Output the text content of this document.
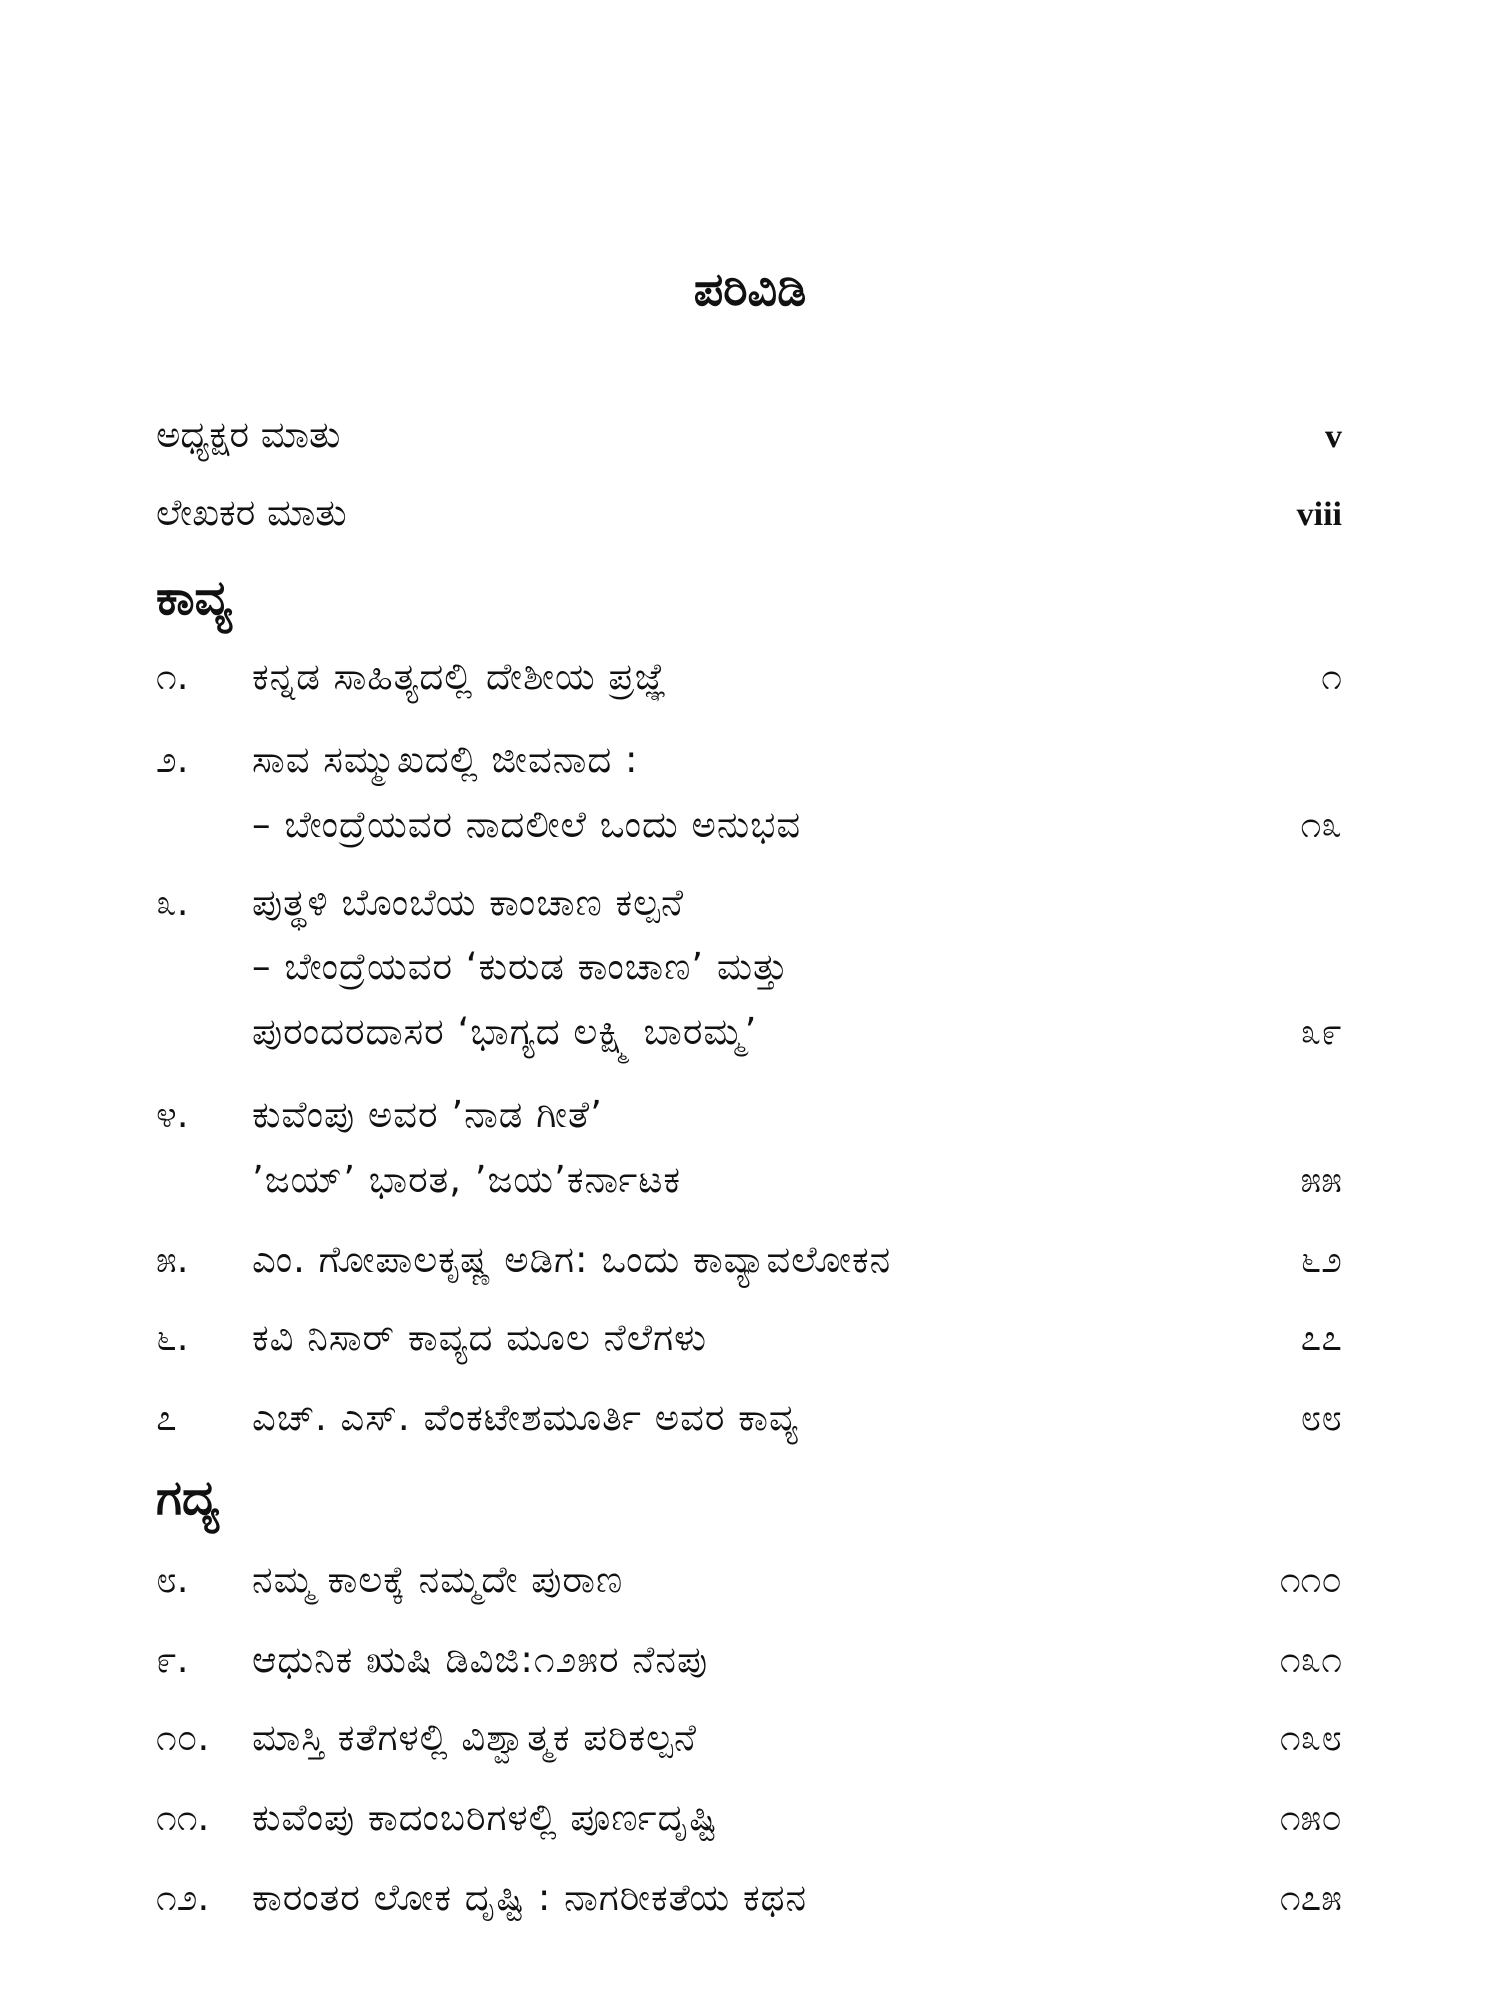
ಪರಿವಿಡಿ
ಅಧ್ಯಕ್ಷರ ಮಾತು	v
ಲೇಖಕರ ಮಾತು	viii
ಕಾವ್ಯ
೧. ಕನ್ನಡ ಸಾಹಿತ್ಯದಲ್ಲಿ ದೇಶೀಯ ಪ್ರಜ್ಞೆ	೧
೨. ಸಾವ ಸಮ್ಮುಖದಲ್ಲಿ ಜೀವನಾದ :
– ಬೇಂದ್ರೆಯವರ ನಾದಲೀಲೆ ಒಂದು ಅನುಭವ	೧೩
೩. ಪುತ್ಥಳಿ ಬೊಂಬೆಯ ಕಾಂಚಾಣ ಕಲ್ಪನೆ
– ಬೇಂದ್ರೆಯವರ ‘ಕುರುಡ ಕಾಂಚಾಣ’ ಮತ್ತು
ಪುರಂದರದಾಸರ ‘ಭಾಗ್ಯದ ಲಕ್ಷ್ಮಿ ಬಾರಮ್ಮ’	೩೯
೪. ಕುವೆಂಪು ಅವರ ’ನಾಡ ಗೀತೆ’
’ಜಯ್’ ಭಾರತ, ’ಜಯ’ಕರ್ನಾಟಕ	೫೫
೫. ಎಂ. ಗೋಪಾಲಕೃಷ್ಣ ಅಡಿಗ: ಒಂದು ಕಾವ್ಯಾವಲೋಕನ	೬೨
೬. ಕವಿ ನಿಸಾರ್ ಕಾವ್ಯದ ಮೂಲ ನೆಲೆಗಳು	೭೭
೭ ಎಚ್. ಎಸ್. ವೆಂಕಟೇಶಮೂರ್ತಿ ಅವರ ಕಾವ್ಯ	೮೮
ಗದ್ಯ
೮. ನಮ್ಮ ಕಾಲಕ್ಕೆ ನಮ್ಮದೇ ಪುರಾಣ	೧೧೦
೯. ಆಧುನಿಕ ಋಷಿ ಡಿವಿಜಿ:೧೨೫ರ ನೆನಪು	೧೩೧
೧೦. ಮಾಸ್ತಿ ಕತೆಗಳಲ್ಲಿ ವಿಶ್ವಾತ್ಮಕ ಪರಿಕಲ್ಪನೆ	೧೩೮
೧೧. ಕುವೆಂಪು ಕಾದಂಬರಿಗಳಲ್ಲಿ ಪೂರ್ಣದೃಷ್ಟಿ	೧೫೦
೧೨. ಕಾರಂತರ ಲೋಕ ದೃಷ್ಟಿ : ನಾಗರೀಕತೆಯ ಕಥನ	೧೭೫
